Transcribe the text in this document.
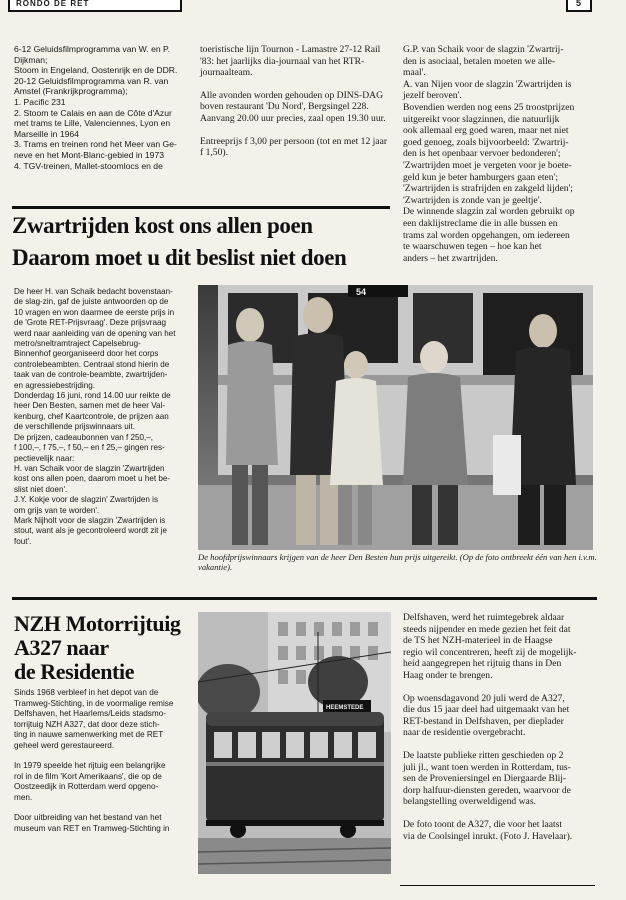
RONDO DE RET	5

6-12 Geluidsfilmprogramma van W. en P.

Dijkman;

Stoom in Engeland, Oostenrijk en de DDR.

20-12 Geluidsfilmprogramma van R. van

Amstel (Frankrijkprogramma);

1. Pacific 231

2. Stoom te Calais en aan de Côte d'Azur

met trams te Lille, Valenciennes, Lyon en

Marseille in 1964

3. Trams en treinen rond het Meer van Ge-

neve en het Mont-Blanc-gebied in 1973

4. TGV-treinen, Mallet-stoomlocs en de

toeristische lijn Tournon - Lamastre 27-12 Rail '83: het jaarlijks dia-journaal van het RTR-journaalteam.

Alle avonden worden gehouden op DINS-DAG boven restaurant 'Du Nord', Bergsingel 228. Aanvang 20.00 uur precies, zaal open 19.30 uur.

Entreeprijs f 3,00 per persoon (tot en met 12 jaar f 1,50).

G.P. van Schaik voor de slagzin 'Zwartrij-

den is asociaal, betalen moeten we alle-

maal'.

A. van Nijen voor de slagzin 'Zwartrijden is

jezelf beroven'.

Bovendien werden nog eens 25 troostprijzen

uitgereikt voor slagzinnen, die natuurlijk

ook allemaal erg goed waren, maar net niet

goed genoeg, zoals bijvoorbeeld: 'Zwartrij-

den is het openbaar vervoer bedonderen';

'Zwartrijden moet je vergeten voor je boete-

geld kun je beter hamburgers gaan eten';

'Zwartrijden is strafrijden en zakgeld lijden';

'Zwartrijden is zonde van je geeltje'.

De winnende slagzin zal worden gebruikt op

een daklijstreclame die in alle bussen en

trams zal worden opgehangen, om iedereen

te waarschuwen tegen – hoe kan het

anders – het zwartrijden.

Zwartrijden kost ons allen poen
Daarom moet u dit beslist niet doen

De heer H. van Schaik bedacht bovenstaan-

de slag-zin, gaf de juiste antwoorden op de

10 vragen en won daarmee de eerste prijs in

de 'Grote RET-Prijsvraag'. Deze prijsvraag

werd naar aanleiding van de opening van het

metro/sneltramtraject Capelsebrug-

Binnenhof georganiseerd door het corps

controlebeambten. Centraal stond hierin de

taak van de controle-beambte, zwartrijden-

en agressiebestrijding.

Donderdag 16 juni, rond 14.00 uur reikte de

heer Den Besten, samen met de heer Val-

kenburg, chef Kaartcontrole, de prijzen aan

de verschillende prijswinnaars uit.

De prijzen, cadeaubonnen van f 250,–,

f 100,–, f 75,–, f 50,– en f 25,– gingen res-

pectievelijk naar:

H. van Schaik voor de slagzin 'Zwartrijden

kost ons allen poen, daarom moet u het be-

slist niet doen'.

J.Y. Kokje voor de slagzin' Zwartrijden is

om grijs van te worden'.

Mark Nijholt voor de slagzin 'Zwartrijden is

stout, want als je gecontroleerd wordt zit je

fout'.

54
De hoofdprijswinnaars krijgen van de heer Den Besten hun prijs uitgereikt. (Op de foto ontbreekt één van hen i.v.m. vakantie).
NZH Motorrijtuig
A327 naar
de Residentie

Sinds 1968 verbleef in het depot van de

Tramweg-Stichting, in de voormalige remise

Delfshaven, het Haarlems/Leids stadsmo-

torrijtuig NZH A327, dat door deze stich-

ting in nauwe samenwerking met de RET

geheel werd gerestaureerd.

In 1979 speelde het rijtuig een belangrijke

rol in de film 'Kort Amerikaans', die op de

Oostzeedijk in Rotterdam werd opgeno-

men.

Door uitbreiding van het bestand van het

museum van RET en Tramweg-Stichting in

HEEMSTEDE

Delfshaven, werd het ruimtegebrek aldaar

steeds nijpender en mede gezien het feit dat

de TS het NZH-materieel in de Haagse

regio wil concentreren, heeft zij de mogelijk-

heid aangegrepen het rijtuig thans in Den

Haag onder te brengen.

Op woensdagavond 20 juli werd de A327,

die dus 15 jaar deel had uitgemaakt van het

RET-bestand in Delfshaven, per dieplader

naar de residentie overgebracht.

De laatste publieke ritten geschieden op 2

juli jl., want toen werden in Rotterdam, tus-

sen de Proveniersingel en Diergaarde Blij-

dorp halfuur-diensten gereden, waarvoor de

belangstelling overweldigend was.

De foto toont de A327, die voor het laatst

via de Coolsingel inrukt. (Foto J. Havelaar).
